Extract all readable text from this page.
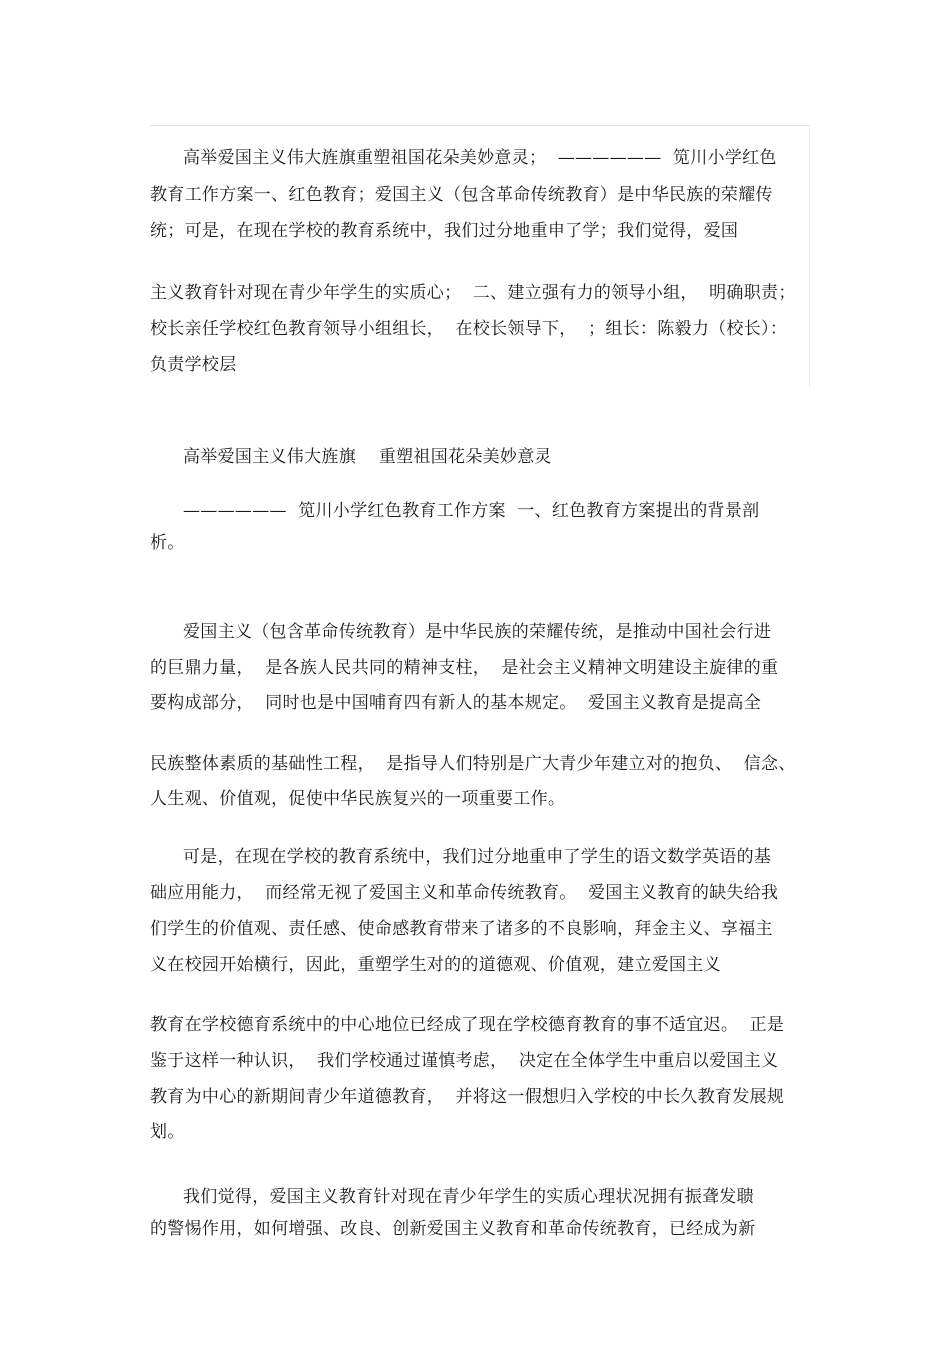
高举爱国主义伟大旌旗重塑祖国花朵美妙意灵；  ——————  笕川小学红色
教育工作方案一、红色教育；爱国主义（包含革命传统教育）是中华民族的荣耀传
统；可是，在现在学校的教育系统中，我们过分地重申了学；我们觉得，爱国
主义教育针对现在青少年学生的实质心；  二、建立强有力的领导小组，  明确职责；
校长亲任学校红色教育领导小组组长，  在校长领导下，  ；组长：陈毅力（校长）：
负责学校层
高举爱国主义伟大旌旗    重塑祖国花朵美妙意灵
——————  笕川小学红色教育工作方案  一、红色教育方案提出的背景剖
析。
爱国主义（包含革命传统教育）是中华民族的荣耀传统，是推动中国社会行进
的巨鼎力量，  是各族人民共同的精神支柱，  是社会主义精神文明建设主旋律的重
要构成部分，  同时也是中国哺育四有新人的基本规定。  爱国主义教育是提高全
民族整体素质的基础性工程，  是指导人们特别是广大青少年建立对的抱负、  信念、
人生观、价值观，促使中华民族复兴的一项重要工作。
可是，在现在学校的教育系统中，我们过分地重申了学生的语文数学英语的基
础应用能力，  而经常无视了爱国主义和革命传统教育。  爱国主义教育的缺失给我
们学生的价值观、责任感、使命感教育带来了诸多的不良影响，拜金主义、享福主
义在校园开始横行，因此，重塑学生对的的道德观、价值观，建立爱国主义
教育在学校德育系统中的中心地位已经成了现在学校德育教育的事不适宜迟。  正是
鉴于这样一种认识，  我们学校通过谨慎考虑，  决定在全体学生中重启以爱国主义
教育为中心的新期间青少年道德教育，  并将这一假想归入学校的中长久教育发展规
划。
我们觉得，爱国主义教育针对现在青少年学生的实质心理状况拥有振聋发聩
的警惕作用，如何增强、改良、创新爱国主义教育和革命传统教育，已经成为新
